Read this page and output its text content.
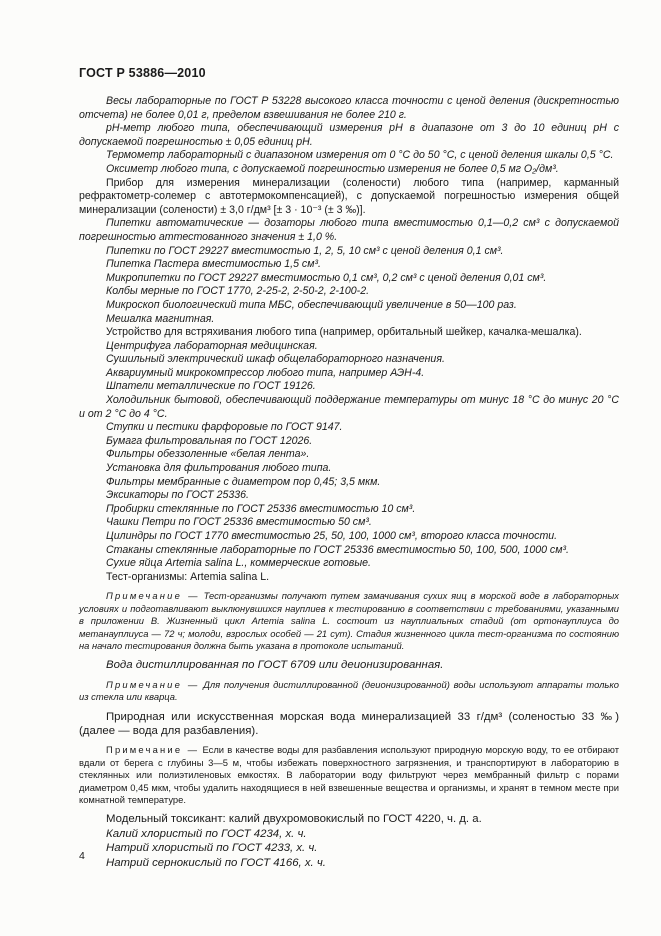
ГОСТ Р 53886—2010

Весы лабораторные по ГОСТ Р 53228 высокого класса точности с ценой деления (дискретностью отсчета) не более 0,01 г, пределом взвешивания не более 210 г.

pH-метр любого типа, обеспечивающий измерения pH в диапазоне от 3 до 10 единиц pH с допускаемой погрешностью ± 0,05 единиц pH.

Термометр лабораторный с диапазоном измерения от 0 °С до 50 °С, с ценой деления шкалы 0,5 °С.

Оксиметр любого типа, с допускаемой погрешностью измерения не более 0,5 мг O₂/дм³.

Прибор для измерения минерализации (солености) любого типа (например, карманный рефрактометр-солемер с автотермокомпенсацией), с допускаемой погрешностью измерения общей минерализации (солености) ± 3,0 г/дм³ [± 3 · 10⁻³ (± 3 ‰)].

Пипетки автоматические — дозаторы любого типа вместимостью 0,1—0,2 см³ с допускаемой погрешностью аттестованного значения ± 1,0 %.

Пипетки по ГОСТ 29227 вместимостью 1, 2, 5, 10 см³ с ценой деления 0,1 см³.

Пипетка Пастера вместимостью 1,5 см³.

Микропипетки по ГОСТ 29227 вместимостью 0,1 см³, 0,2 см³ с ценой деления 0,01 см³.

Колбы мерные по ГОСТ 1770, 2-25-2, 2-50-2, 2-100-2.

Микроскоп биологический типа МБС, обеспечивающий увеличение в 50—100 раз.

Мешалка магнитная.

Устройство для встряхивания любого типа (например, орбитальный шейкер, качалка-мешалка).

Центрифуга лабораторная медицинская.

Сушильный электрический шкаф общелабораторного назначения.

Аквариумный микрокомпрессор любого типа, например АЭН-4.

Шпатели металлические по ГОСТ 19126.

Холодильник бытовой, обеспечивающий поддержание температуры от минус 18 °С до минус 20 °С и от 2 °С до 4 °С.

Ступки и пестики фарфоровые по ГОСТ 9147.

Бумага фильтровальная по ГОСТ 12026.

Фильтры обеззоленные «белая лента».

Установка для фильтрования любого типа.

Фильтры мембранные с диаметром пор 0,45; 3,5 мкм.

Эксикаторы по ГОСТ 25336.

Пробирки стеклянные по ГОСТ 25336 вместимостью 10 см³.

Чашки Петри по ГОСТ 25336 вместимостью 50 см³.

Цилиндры по ГОСТ 1770 вместимостью 25, 50, 100, 1000 см³, второго класса точности.

Стаканы стеклянные лабораторные по ГОСТ 25336 вместимостью 50, 100, 500, 1000 см³.

Сухие яйца Artemia salina L., коммерческие готовые.

Тест-организмы: Artemia salina L.

Примечание — Тест-организмы получают путем замачивания сухих яиц в морской воде в лабораторных условиях и подготавливают выклюнувшихся науплиев к тестированию в соответствии с требованиями, указанными в приложении В. Жизненный цикл Artemia salina L. состоит из науплиальных стадий (от ортонауплиуса до метанауплиуса — 72 ч; молоди, взрослых особей — 21 сут). Стадия жизненного цикла тест-организма по состоянию на начало тестирования должна быть указана в протоколе испытаний.

Вода дистиллированная по ГОСТ 6709 или деионизированная.

Примечание — Для получения дистиллированной (деионизированной) воды используют аппараты только из стекла или кварца.

Природная или искусственная морская вода минерализацией 33 г/дм³ (соленостью 33 ‰) (далее — вода для разбавления).

Примечание — Если в качестве воды для разбавления используют природную морскую воду, то ее отбирают вдали от берега с глубины 3—5 м, чтобы избежать поверхностного загрязнения, и транспортируют в лабораторию в стеклянных или полиэтиленовых емкостях. В лаборатории воду фильтруют через мембранный фильтр с порами диаметром 0,45 мкм, чтобы удалить находящиеся в ней взвешенные вещества и организмы, и хранят в темном месте при комнатной температуре.

Модельный токсикант: калий двухромовокислый по ГОСТ 4220, ч. д. а.

Калий хлористый по ГОСТ 4234, х. ч.

Натрий хлористый по ГОСТ 4233, х. ч.

Натрий сернокислый по ГОСТ 4166, х. ч.

4
